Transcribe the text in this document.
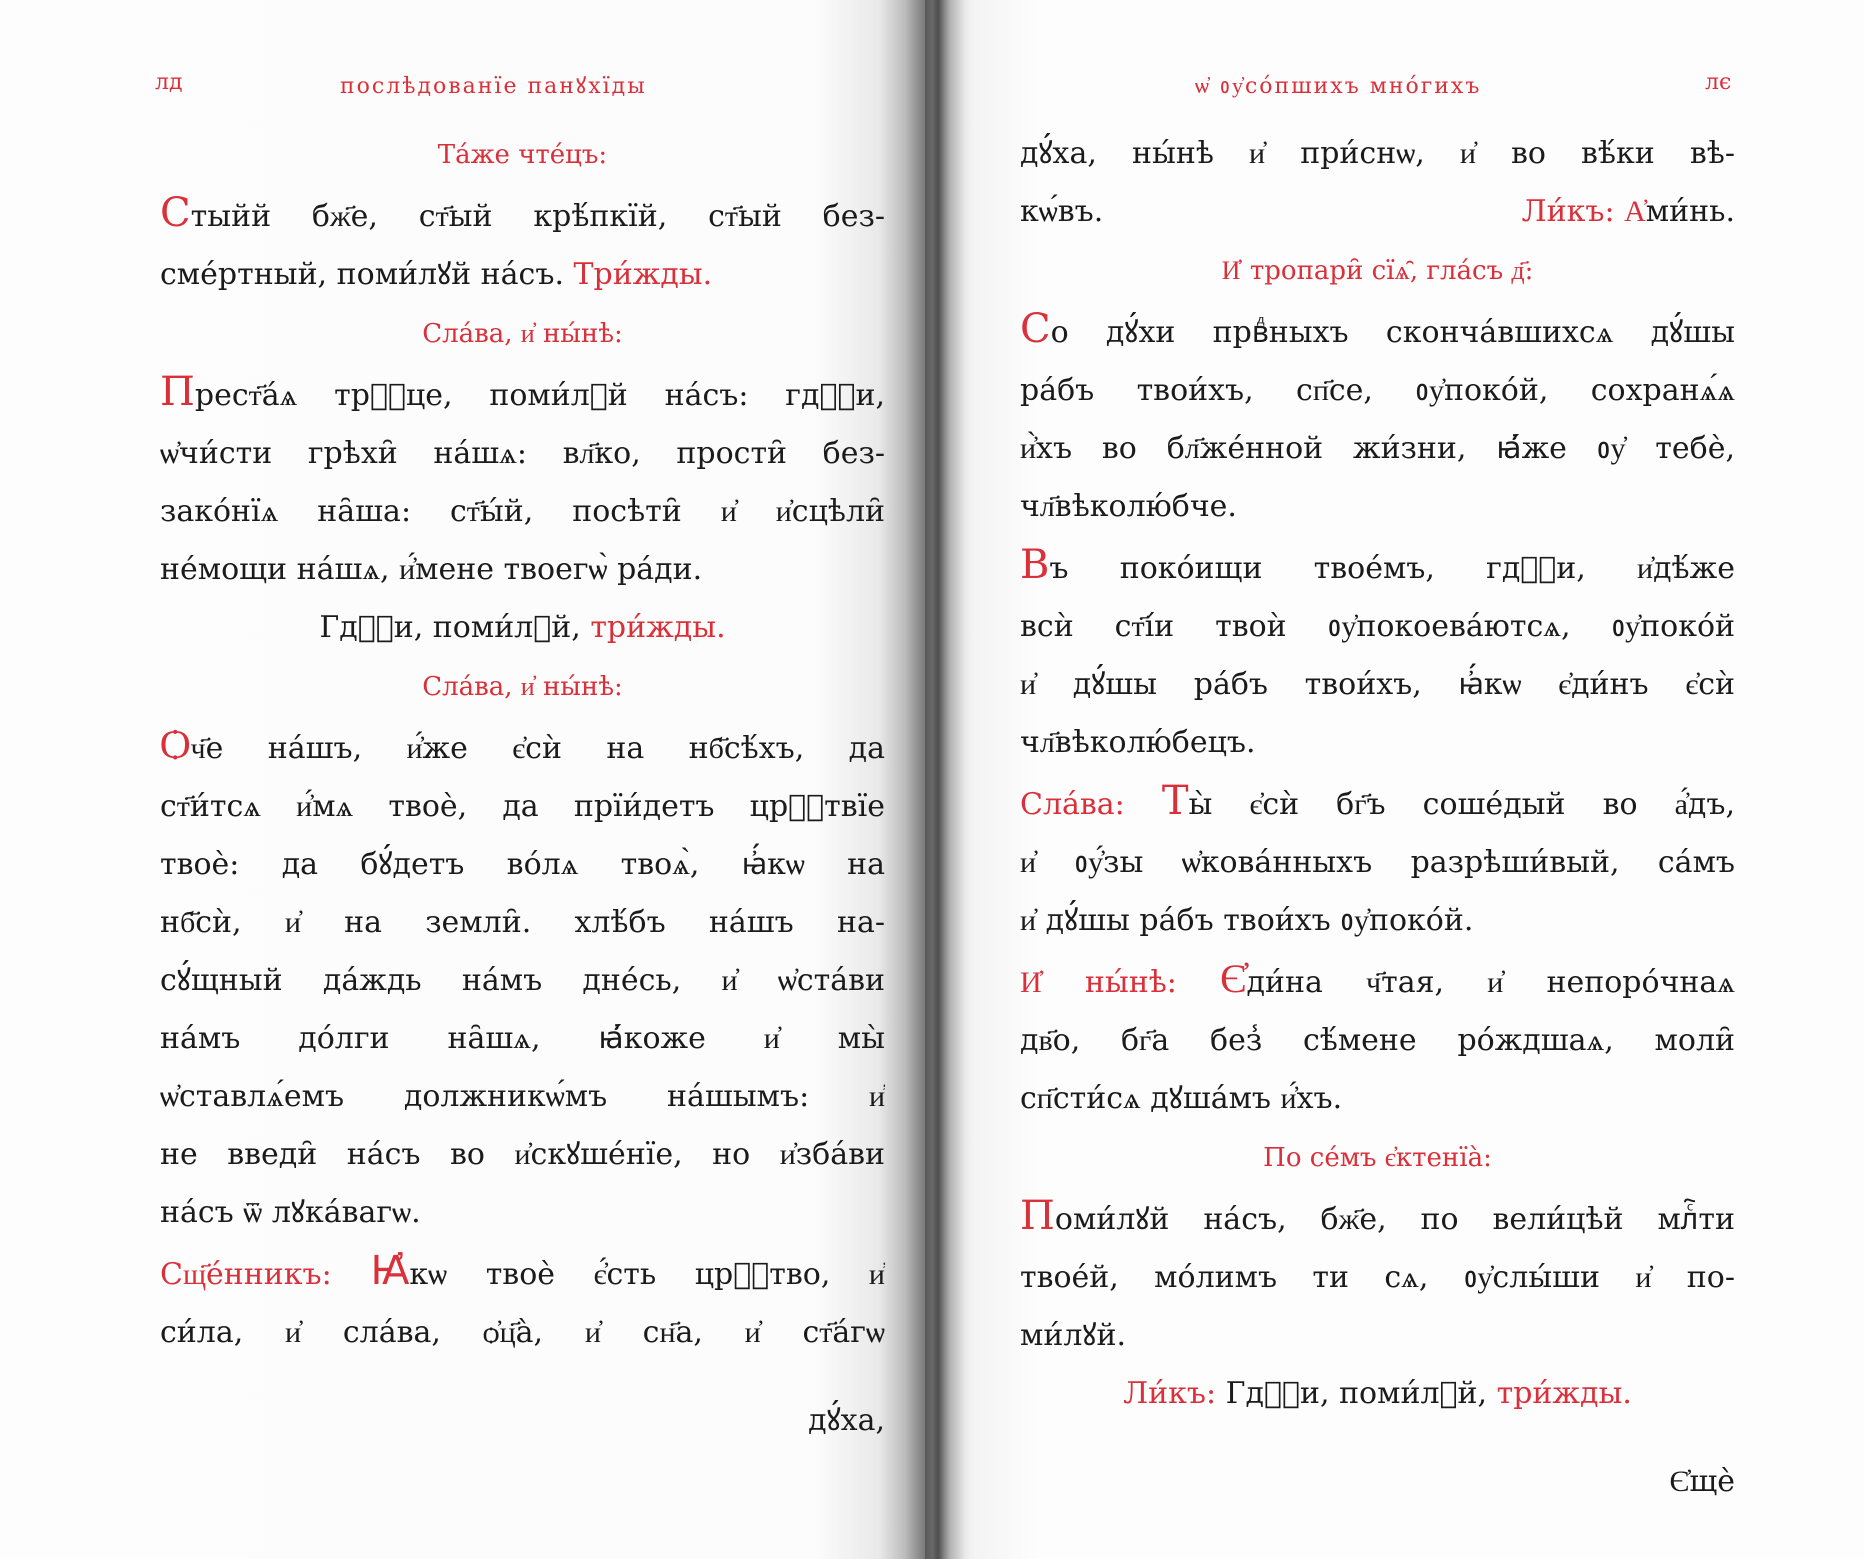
лд	послѣдованїе панꙋхїды	лє
ѡ҆ ᲂу҆со́пшихъ мно́гихъ
Та́же чте́цъ:
Стыйй бж҃е, ст҃ый крѣ́пкїй, ст҃ый без-
сме́ртный, поми́лꙋй на́съ. Три́жды.
Сла́ва, и҆ ны́нѣ:
Прест҃а́ѧ трⷪ҇це, поми́лꙋй на́съ: гдⷭ҇и,
ѡ҆чи́сти грѣхи̑ на́шѧ: вл҃ко, прости̑ без-
зако́нїѧ на̑ша: ст҃ы́й, посѣти̑ и҆ и҆сцѣли̑
не́мощи на́шѧ, и҆́мене твоегѡ̀ ра́ди.
Гдⷭ҇и, поми́лꙋй, три́жды.
Сла́ва, и҆ ны́нѣ:
Ѻч҃е на́шъ, и҆́же є҆сѝ на нб҃сѣ́хъ, да
ст҃и́тсѧ и҆́мѧ твоѐ, да прїи́детъ црⷭ҇твїе
твоѐ: да бꙋ́детъ во́лѧ твоѧ̀, ꙗ҆́кѡ на
нб҃сѝ, и҆ на земли̑. хлѣ́бъ на́шъ на-
сꙋ́щный да́ждь на́мъ дне́сь, и҆ ѡ҆ста́ви
на́мъ до́лги на̑шѧ, ꙗ҆́коже и҆ мы̀
ѡ҆ставлѧ́емъ должникѡ́мъ на́шымъ: и҆
не введи̑ на́съ во и҆скꙋше́нїе, но и҆зба́ви
на́съ ѿ лꙋка́вагѡ.
Сщ҃е́нникъ: Ꙗ҆кѡ твоѐ є҆́сть црⷭ҇тво, и҆
си́ла, и҆ сла́ва, ѻ҆ц҃а̀, и҆ сн҃а, и҆ ст҃а́гѡ
дꙋ́ха,
дꙋ́ха, ны́нѣ и҆ при́снѡ, и҆ во вѣ́ки вѣ-
кѡ́въ.	Ли́къ: А҆ми́нь.
И҆ тропари̑ сїѧ̑, гла́съ д҃:
Со дꙋ́хи првⷣныхъ сконча́вшихсѧ дꙋ́шы
ра́бъ твои́хъ, сп҃се, ᲂу҆поко́й, сохранѧ́ѧ
и҆̀хъ во бл҃же́нной жи́зни, ꙗ҆́же ᲂу҆ тебѐ,
чл҃вѣколю́бче.
Въ поко́ищи твое́мъ, гдⷭ҇и, и҆дѣ́же
всѝ ст҃і́и твоѝ ᲂу҆покоева́ютсѧ, ᲂу҆поко́й
и҆ дꙋ́шы ра́бъ твои́хъ, ꙗ҆́кѡ є҆ди́нъ є҆сѝ
чл҃вѣколю́бецъ.
Сла́ва: Ты̀ є҆сѝ бг҃ъ соше́дый во а҆́дъ,
и҆ ᲂу҆́зы ѡ҆кова́нныхъ разрѣши́вый, са́мъ
и҆ дꙋ́шы ра́бъ твои́хъ ᲂу҆поко́й.
И҆ ны́нѣ: Є҆ди́на ч҃тая, и҆ непоро́чнаѧ
дв҃о, бг҃а без̾ сѣ́мене ро́ждшаѧ, моли̑
сп҃сти́сѧ дꙋша́мъ и҆́хъ.
По се́мъ є҆ктенїа̀:
Поми́лꙋй на́съ, бж҃е, по вели́цѣй млⷭ҇ти
твое́й, мо́лимъ ти сѧ, ᲂу҆слы́ши и҆ по-
ми́лꙋй.
Ли́къ: Гдⷭ҇и, поми́лꙋй, три́жды.
Є҆щѐ
